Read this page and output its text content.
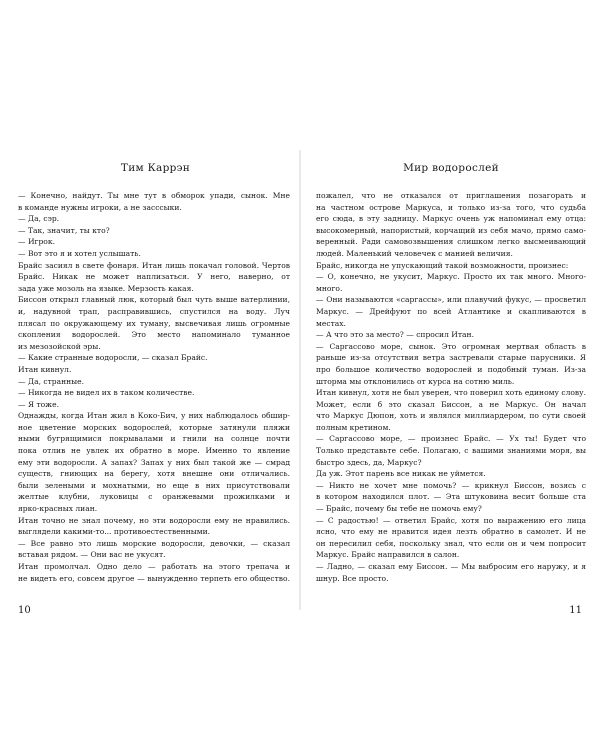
Тим Каррэн
— Конечно, найдут. Ты мне тут в обморок упади, сынок. Мне
в команде нужны игроки, а не засссыки.
— Да, сэр.
— Так, значит, ты кто?
— Игрок.
— Вот это я и хотел услышать.
Брайс засиял в свете фонаря. Итан лишь покачал головой. Чертов
Брайс. Никак не может наплизаться. У него, наверно, от
зада уже мозоль на языке. Мерзость какая.
Биссон открыл главный люк, который был чуть выше ватерлинии,
и, надувной трап, расправившись, спустился на воду. Луч
плясал по окружающему их туману, высвечивая лишь огромные
скопления водорослей. Это место напоминало туманное
из мезозойской эры.
— Какие странные водоросли, — сказал Брайс.
Итан кивнул.
— Да, странные.
— Никогда не видел их в таком количестве.
— Я тоже.
Однажды, когда Итан жил в Коко-Бич, у них наблюдалось обшир-
ное цветение морских водорослей, которые затянули пляжи
ными бугрящимися покрывалами и гнили на солнце почти
пока отлив не увлек их обратно в море. Именно то явление
ему эти водоросли. А запах? Запах у них был такой же — смрад
существ, гниющих на берегу, хотя внешне они отличались.
были зелеными и мохнатыми, но еще в них присутствовали
желтые клубни, луковицы с оранжевыми прожилками и
ярко-красных лиан.
Итан точно не знал почему, но эти водоросли ему не нравились.
выглядели какими-то... противоестественными.
— Все равно это лишь морские водоросли, девочки, — сказал
вставая рядом. — Они вас не укусят.
Итан промолчал. Одно дело — работать на этого трепача и
не видеть его, совсем другое — вынужденно терпеть его общество.
10
Мир водорослей
пожалел, что не отказался от приглашения позагорать и
на частном острове Маркуса, и только из-за того, что судьба
его сюда, в эту задницу. Маркус очень уж напоминал ему отца:
высокомерный, напористый, корчащий из себя мачо, прямо само-
веренный. Ради самовозвышения слишком легко высмеивающий
людей. Маленький человечек с манией величия.
Брайс, никогда не упускающий такой возможности, произнес:
— О, конечно, не укусит, Маркус. Просто их так много. Много-
много.
— Они называются «саргассы», или плавучий фукус, — просветил
Маркус. — Дрейфуют по всей Атлантике и скапливаются в
местах.
— А что это за место? — спросил Итан.
— Саргассово море, сынок. Это огромная мертвая область в
раньше из-за отсутствия ветра застревали старые парусники. Я
про большое количество водорослей и подобный туман. Из-за
шторма мы отклонились от курса на сотню миль.
Итан кивнул, хотя не был уверен, что поверил хоть единому слову.
Может, если б это сказал Биссон, а не Маркус. Он начал
что Маркус Дюпон, хоть и являлся миллиардером, по сути своей
полным кретином.
— Саргассово море, — произнес Брайс. — Ух ты! Будет что
Только представьте себе. Полагаю, с вашими знаниями моря, вы
быстро здесь, да, Маркус?
Да уж. Этот парень все никак не уймется.
— Никто не хочет мне помочь? — крикнул Биссон, возясь с
в котором находился плот. — Эта штуковина весит больше ста
— Брайс, почему бы тебе не помочь ему?
— С радостью! — ответил Брайс, хотя по выражению его лица
ясно, что ему не нравится идея лезть обратно в самолет. И не
он пересилил себя, поскольку знал, что если он и чем попросит
Маркус. Брайс направился в салон.
— Ладно, — сказал ему Биссон. — Мы выбросим его наружу, и я
шнур. Все просто.
11
